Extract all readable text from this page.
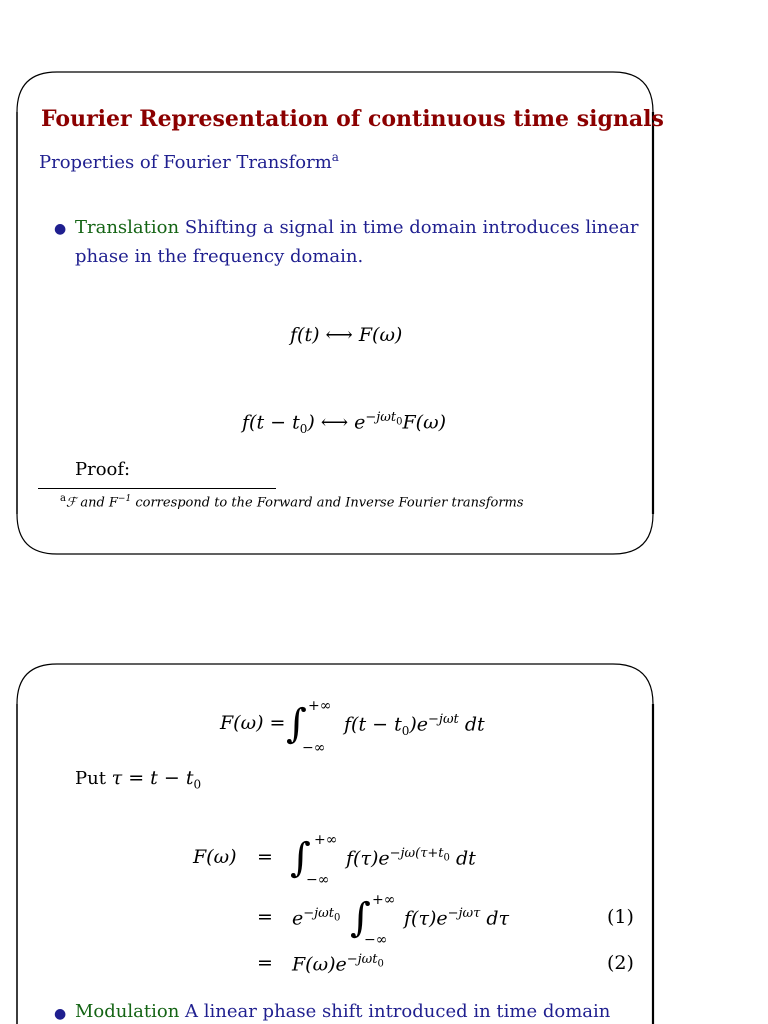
Fourier Representation of continuous time signals
Properties of Fourier Transform$^a$
● Translation Shifting a signal in time domain introduces linear
phase in the frequency domain.
f(t) ⟷ F(ω)
$f(t - t_0)$ ⟷ $e^{-j\omega t_0}F(\omega)$
Proof:
$^a$ℱ and $F^{-1}$ correspond to the Forward and Inverse Fourier transforms
F(ω) = ∫ +∞
−∞
$f(t - t_0)e^{-j\omega t}$ dt
Put $\tau = t - t_0$
F(ω) = ∫ +∞
−∞
$f(\tau)e^{-j\omega(\tau+t_0}$ dt
= $e^{-j\omega t_0}$ ∫ +∞
−∞
$f(\tau)e^{-j\omega\tau}$ dτ	(1)
= $F(\omega)e^{-j\omega t_0}$	(2)
● Modulation A linear phase shift introduced in time domain
